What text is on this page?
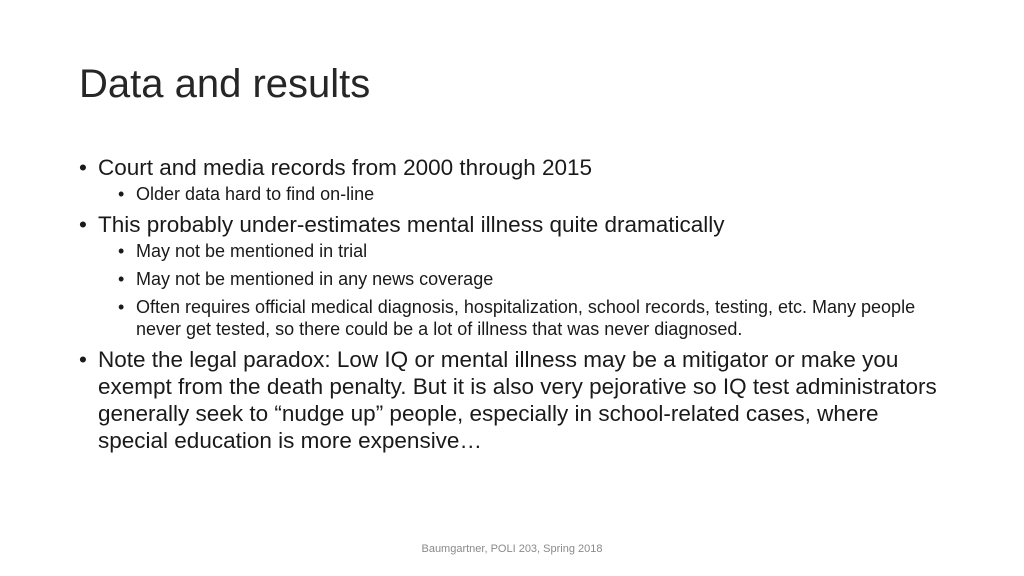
Data and results
• Court and media records from 2000 through 2015
• Older data hard to find on-line
• This probably under-estimates mental illness quite dramatically
• May not be mentioned in trial
• May not be mentioned in any news coverage
• Often requires official medical diagnosis, hospitalization, school records, testing, etc. Many people never get tested, so there could be a lot of illness that was never diagnosed.
• Note the legal paradox: Low IQ or mental illness may be a mitigator or make you exempt from the death penalty. But it is also very pejorative so IQ test administrators generally seek to “nudge up” people, especially in school-related cases, where special education is more expensive…
Baumgartner, POLI 203, Spring 2018
